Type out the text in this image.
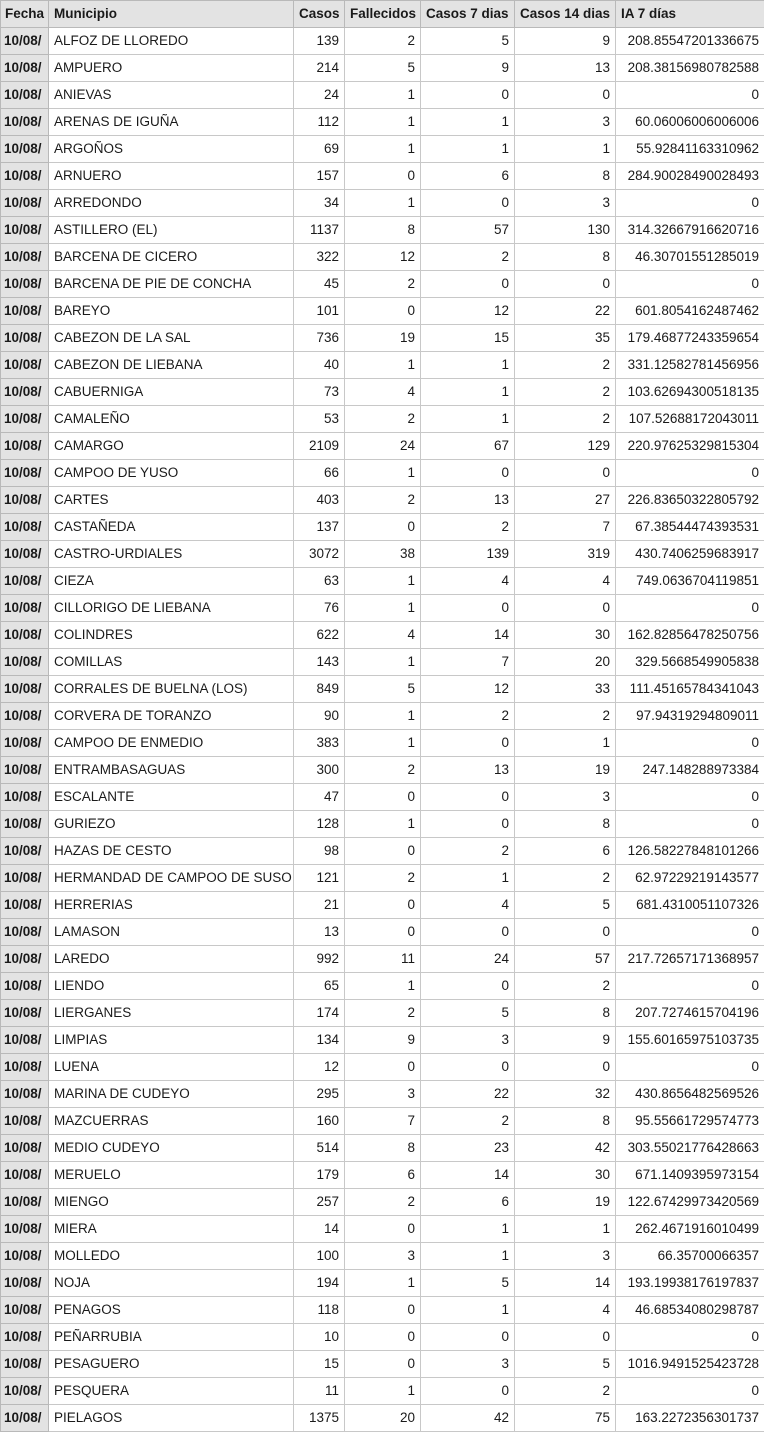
Fecha	Municipio	Casos	Fallecidos	Casos 7 dias	Casos 14 dias	IA 7 días
10/08/	ALFOZ DE LLOREDO	139	2	5	9	208.85547201336675
10/08/	AMPUERO	214	5	9	13	208.38156980782588
10/08/	ANIEVAS	24	1	0	0	0
10/08/	ARENAS DE IGUÑA	112	1	1	3	60.06006006006006
10/08/	ARGOÑOS	69	1	1	1	55.92841163310962
10/08/	ARNUERO	157	0	6	8	284.90028490028493
10/08/	ARREDONDO	34	1	0	3	0
10/08/	ASTILLERO (EL)	1137	8	57	130	314.32667916620716
10/08/	BARCENA DE CICERO	322	12	2	8	46.30701551285019
10/08/	BARCENA DE PIE DE CONCHA	45	2	0	0	0
10/08/	BAREYO	101	0	12	22	601.8054162487462
10/08/	CABEZON DE LA SAL	736	19	15	35	179.46877243359654
10/08/	CABEZON DE LIEBANA	40	1	1	2	331.12582781456956
10/08/	CABUERNIGA	73	4	1	2	103.62694300518135
10/08/	CAMALEÑO	53	2	1	2	107.52688172043011
10/08/	CAMARGO	2109	24	67	129	220.97625329815304
10/08/	CAMPOO DE YUSO	66	1	0	0	0
10/08/	CARTES	403	2	13	27	226.83650322805792
10/08/	CASTAÑEDA	137	0	2	7	67.38544474393531
10/08/	CASTRO-URDIALES	3072	38	139	319	430.7406259683917
10/08/	CIEZA	63	1	4	4	749.0636704119851
10/08/	CILLORIGO DE LIEBANA	76	1	0	0	0
10/08/	COLINDRES	622	4	14	30	162.82856478250756
10/08/	COMILLAS	143	1	7	20	329.5668549905838
10/08/	CORRALES DE BUELNA (LOS)	849	5	12	33	111.45165784341043
10/08/	CORVERA DE TORANZO	90	1	2	2	97.94319294809011
10/08/	CAMPOO DE ENMEDIO	383	1	0	1	0
10/08/	ENTRAMBASAGUAS	300	2	13	19	247.148288973384
10/08/	ESCALANTE	47	0	0	3	0
10/08/	GURIEZO	128	1	0	8	0
10/08/	HAZAS DE CESTO	98	0	2	6	126.58227848101266
10/08/	HERMANDAD DE CAMPOO DE SUSO	121	2	1	2	62.97229219143577
10/08/	HERRERIAS	21	0	4	5	681.4310051107326
10/08/	LAMASON	13	0	0	0	0
10/08/	LAREDO	992	11	24	57	217.72657171368957
10/08/	LIENDO	65	1	0	2	0
10/08/	LIERGANES	174	2	5	8	207.7274615704196
10/08/	LIMPIAS	134	9	3	9	155.60165975103735
10/08/	LUENA	12	0	0	0	0
10/08/	MARINA DE CUDEYO	295	3	22	32	430.8656482569526
10/08/	MAZCUERRAS	160	7	2	8	95.55661729574773
10/08/	MEDIO CUDEYO	514	8	23	42	303.55021776428663
10/08/	MERUELO	179	6	14	30	671.1409395973154
10/08/	MIENGO	257	2	6	19	122.67429973420569
10/08/	MIERA	14	0	1	1	262.4671916010499
10/08/	MOLLEDO	100	3	1	3	66.35700066357
10/08/	NOJA	194	1	5	14	193.19938176197837
10/08/	PENAGOS	118	0	1	4	46.68534080298787
10/08/	PEÑARRUBIA	10	0	0	0	0
10/08/	PESAGUERO	15	0	3	5	1016.9491525423728
10/08/	PESQUERA	11	1	0	2	0
10/08/	PIELAGOS	1375	20	42	75	163.2272356301737
